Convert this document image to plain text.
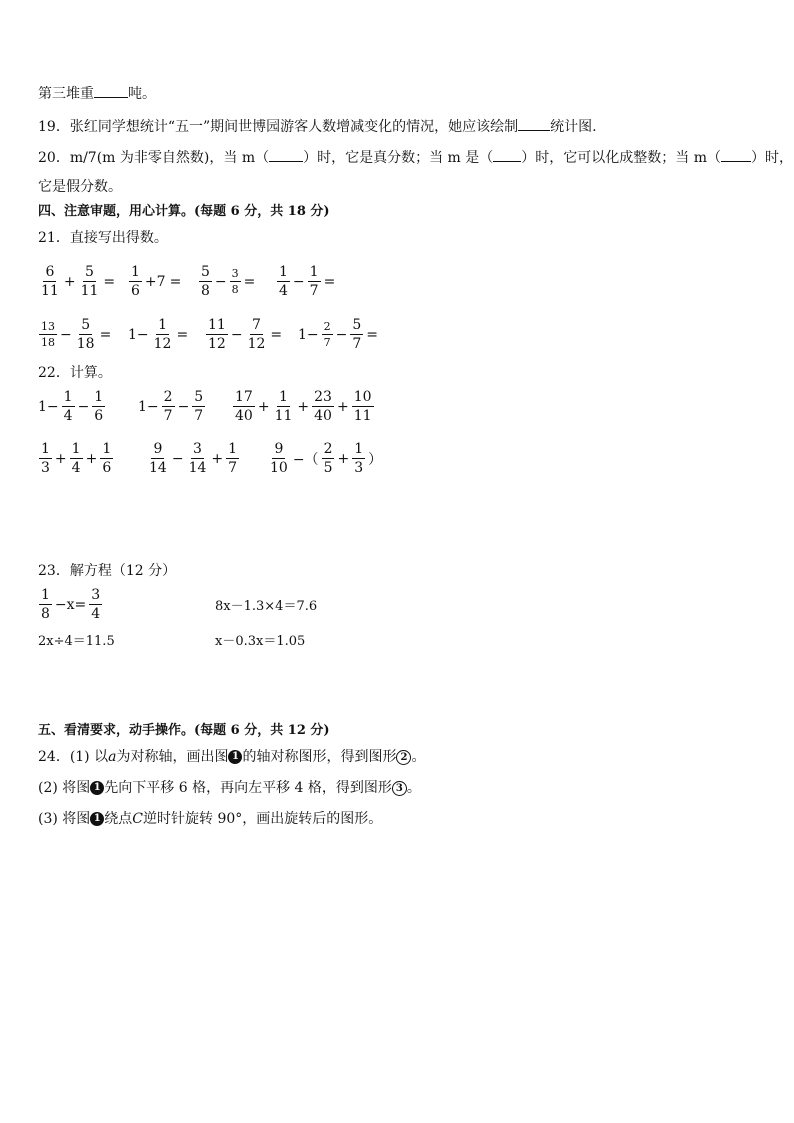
第三堆重 吨。
19．张红同学想统计“五一”期间世博园游客人数增减变化的情况，她应该绘制 统计图.
20．m/7(m 为非零自然数)，当 m（ ）时，它是真分数；当 m 是（ ）时，它可以化成整数；当 m（ ）时，
它是假分数。
四、注意审题，用心计算。(每题 6 分，共 18 分)
21．直接写出得数。
$\frac{6}{11} + \frac{5}{11} = \frac{1}{6} +7 = \frac{5}{8} - \frac{3}{8} = \frac{1}{4} - \frac{1}{7}$ =
$\frac{13}{18} - \frac{5}{18} = 1- \frac{1}{12} = \frac{11}{12} - \frac{7}{12} = 1- \frac{2}{7} - \frac{5}{7}$ =
22．计算。
$1- \frac{1}{4} - \frac{1}{6} 1- \frac{2}{7} - \frac{5}{7} \frac{17}{40} + \frac{1}{11} + \frac{23}{40} + \frac{10}{11}$
$\frac{1}{3} + \frac{1}{4} + \frac{1}{6} \frac{9}{14} - \frac{3}{14} + \frac{1}{7} \frac{9}{10}$ −（ $\frac{2}{5} + \frac{1}{3}$ ）
23．解方程（12 分）
$\frac{1}{8} -x= \frac{3}{4}$	8x－1.3×4＝7.6
2x÷4＝11.5	x－0.3x＝1.05
五、看清要求，动手操作。(每题 6 分，共 12 分)
24．(1) 以a为对称轴，画出图 1 的轴对称图形，得到图形 2 。
(2) 将图 1 先向下平移 6 格，再向左平移 4 格，得到图形 3 。
(3) 将图 1 绕点C逆时针旋转 90°，画出旋转后的图形。
